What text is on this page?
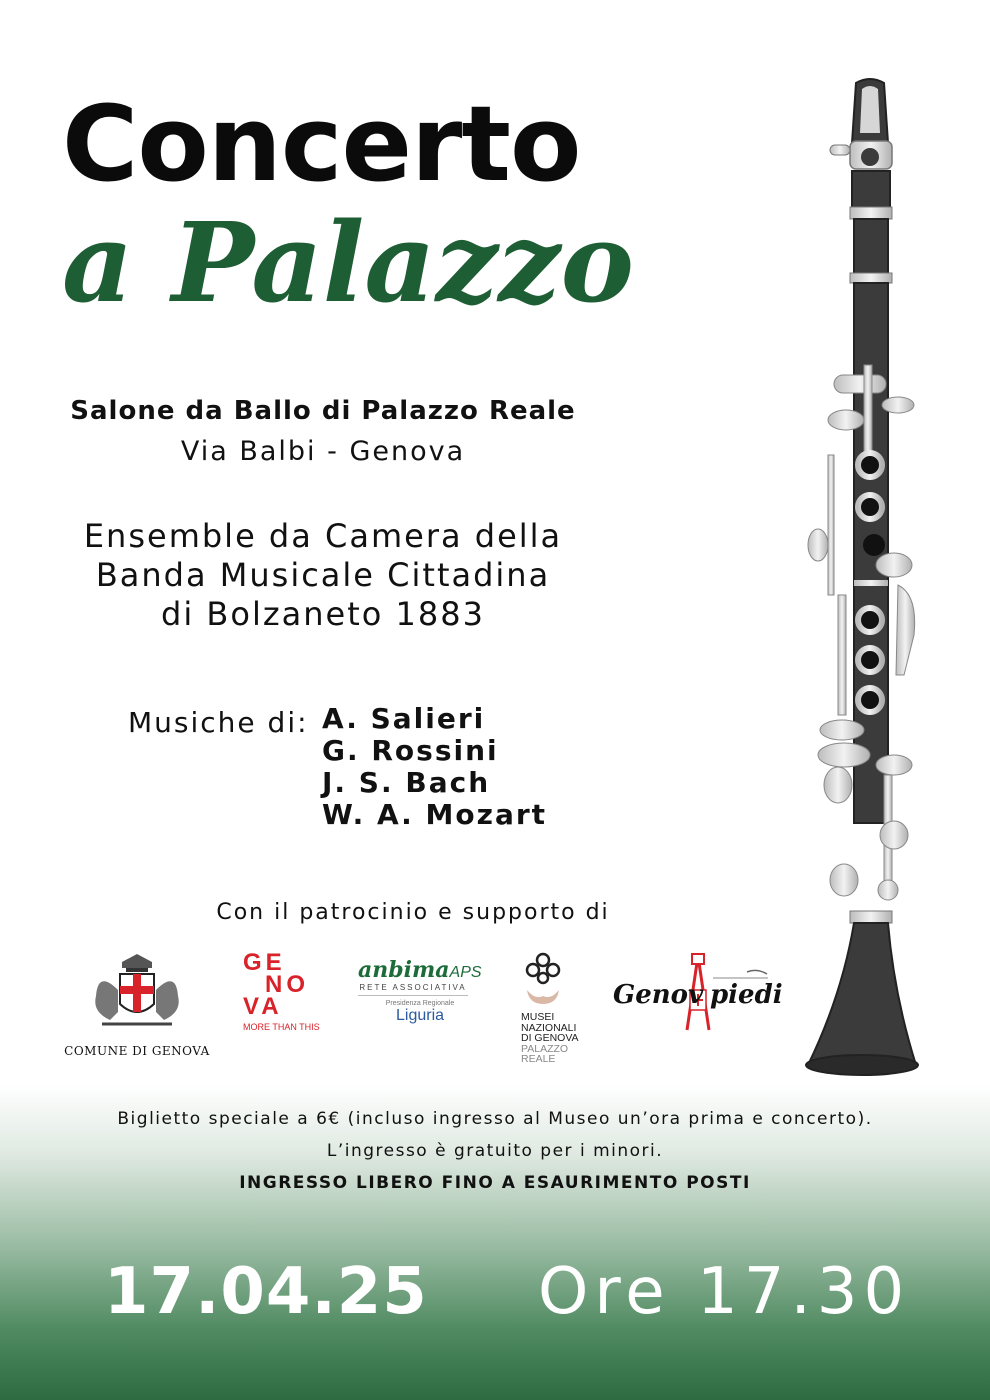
Concerto
a Palazzo
Salone da Ballo di Palazzo Reale
Via Balbi - Genova
Ensemble da Camera della
Banda Musicale Cittadina
di Bolzaneto 1883
Musiche di: A. Salieri
G. Rossini
J. S. Bach
W. A. Mozart
Con il patrocinio e supporto di
COMUNE DI GENOVA
GE
NO
VA
MORE THAN THIS
anbimaAPS
RETE ASSOCIATIVA
Presidenza Regionale
Liguria	MUSEI
NAZIONALI
DI GENOVA
PALAZZO
REALE
Genov piedi
Biglietto speciale a 6€ (incluso ingresso al Museo un’ora prima e concerto).
L’ingresso è gratuito per i minori.
INGRESSO LIBERO FINO A ESAURIMENTO POSTI
17.04.25 Ore 17.30
